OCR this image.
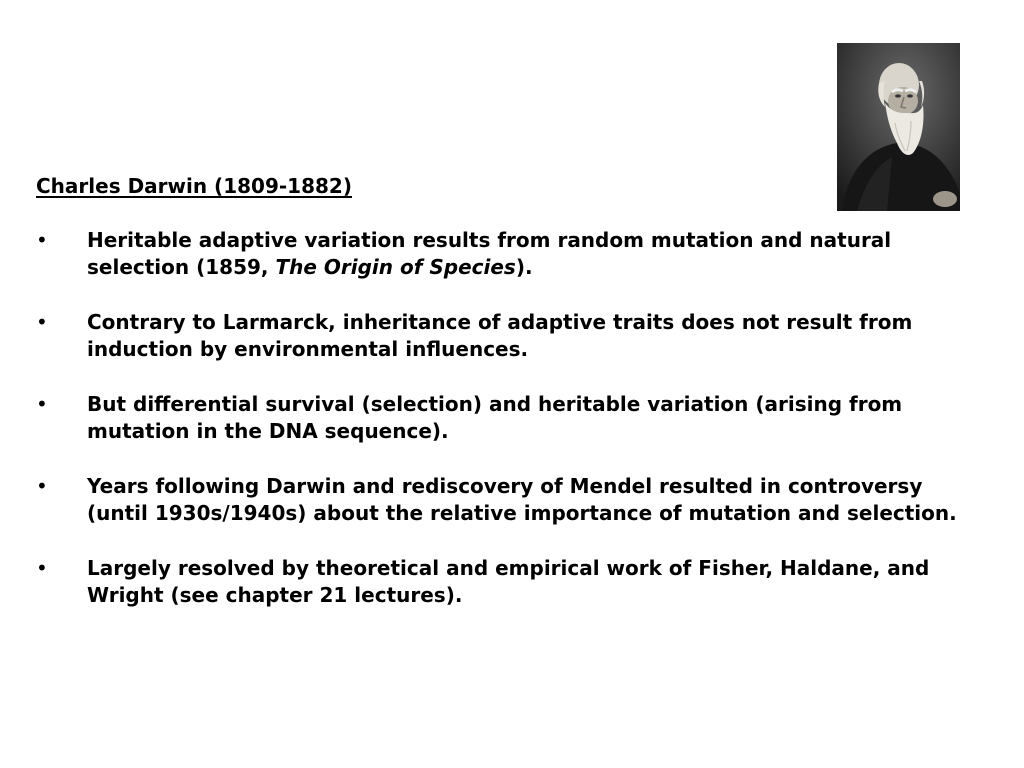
Charles Darwin (1809-1882)
• Heritable adaptive variation results from random mutation and natural selection (1859, The Origin of Species).
• Contrary to Larmarck, inheritance of adaptive traits does not result from induction by environmental influences.
• But differential survival (selection) and heritable variation (arising from mutation in the DNA sequence).
• Years following Darwin and rediscovery of Mendel resulted in controversy (until 1930s/1940s) about the relative importance of mutation and selection.
• Largely resolved by theoretical and empirical work of Fisher, Haldane, and Wright (see chapter 21 lectures).
